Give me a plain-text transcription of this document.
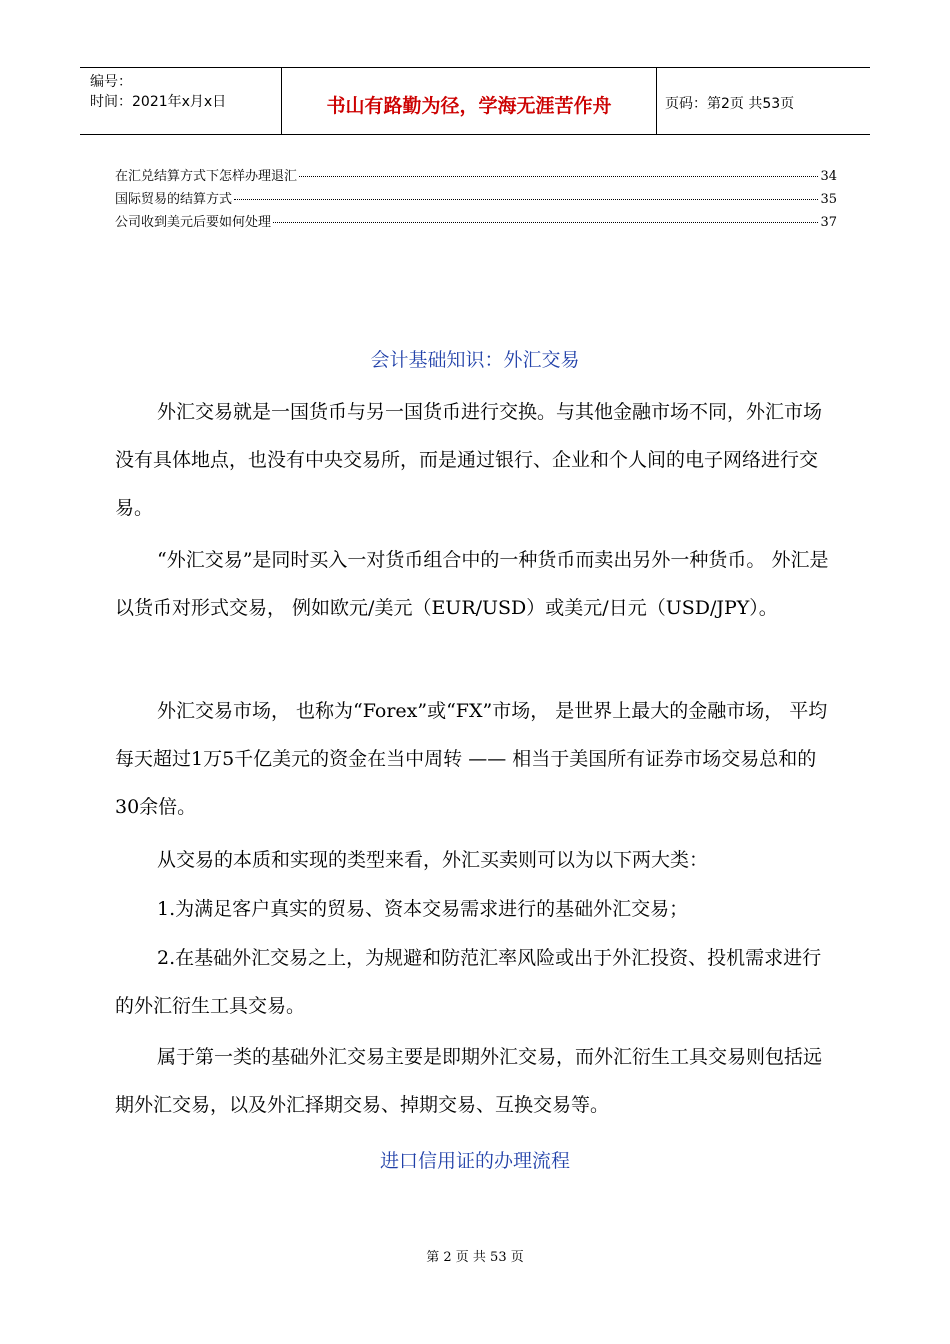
编号：
时间：2021年x月x日	书山有路勤为径，学海无涯苦作舟	页码：第2页 共53页
在汇兑结算方式下怎样办理退汇	34
国际贸易的结算方式	35
公司收到美元后要如何处理	37
会计基础知识：外汇交易
外汇交易就是一国货币与另一国货币进行交换。与其他金融市场不同，外汇市场没有具体地点，也没有中央交易所，而是通过银行、企业和个人间的电子网络进行交易。
“外汇交易”是同时买入一对货币组合中的一种货币而卖出另外一种货币。 外汇是以货币对形式交易， 例如欧元/美元（EUR/USD）或美元/日元（USD/JPY）。
外汇交易市场， 也称为“Forex”或“FX”市场， 是世界上最大的金融市场， 平均每天超过1万5千亿美元的资金在当中周转 —— 相当于美国所有证券市场交易总和的30余倍。
从交易的本质和实现的类型来看，外汇买卖则可以为以下两大类：
1.为满足客户真实的贸易、资本交易需求进行的基础外汇交易；
2.在基础外汇交易之上，为规避和防范汇率风险或出于外汇投资、投机需求进行的外汇衍生工具交易。
属于第一类的基础外汇交易主要是即期外汇交易，而外汇衍生工具交易则包括远期外汇交易，以及外汇择期交易、掉期交易、互换交易等。
进口信用证的办理流程
第 2 页 共 53 页
